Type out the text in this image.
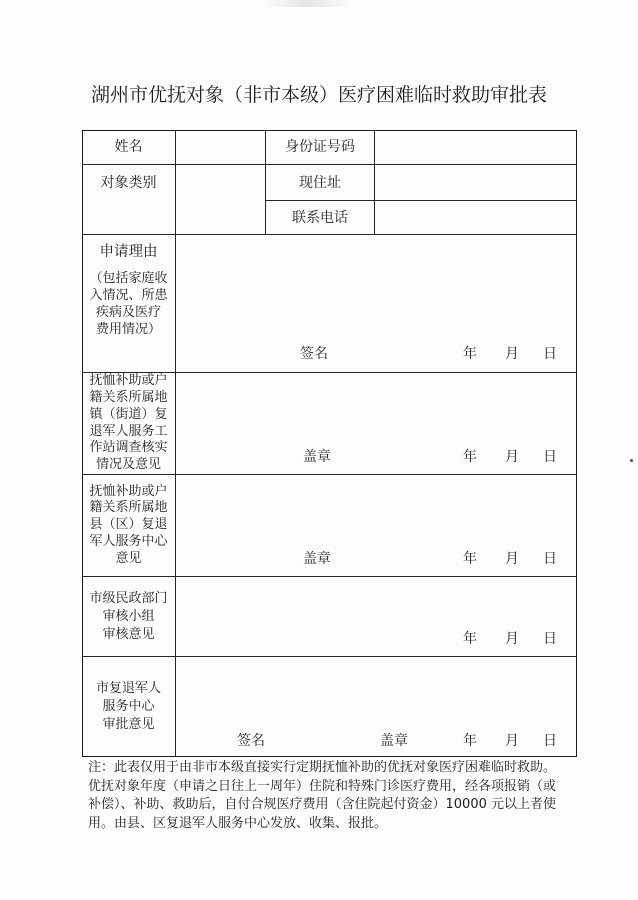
湖州市优抚对象（非市本级）医疗困难临时救助审批表
姓名	身份证号码
对象类别	现住址
联系电话
申请理由
（包括家庭收
入情况、所患
疾病及医疗
费用情况）
签名	年 月 日
抚恤补助或户
籍关系所属地
镇（街道）复
退军人服务工
作站调查核实
情况及意见	盖章	年 月 日
抚恤补助或户
籍关系所属地
县（区）复退
军人服务中心
意见	盖章	年 月 日
市级民政部门
审核小组
审核意见	年 月 日
市复退军人
服务中心
审批意见
签名	盖章	年 月 日
注：此表仅用于由非市本级直接实行定期抚恤补助的优抚对象医疗困难临时救助。
优抚对象年度（申请之日往上一周年）住院和特殊门诊医疗费用，经各项报销（或
补偿）、补助、救助后，自付合规医疗费用（含住院起付资金）10000 元以上者使
用。由县、区复退军人服务中心发放、收集、报批。
